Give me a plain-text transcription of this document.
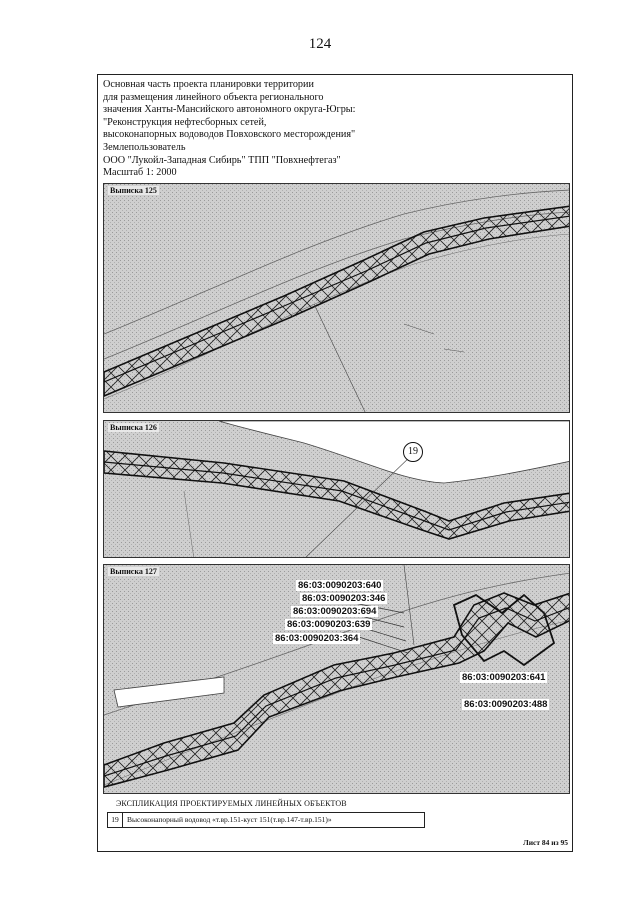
124
Основная часть проекта планировки территории
для размещения линейного объекта регионального
значения Ханты-Мансийского автономного округа-Югры:
"Реконструкция нефтесборных сетей,
высоконапорных водоводов Повховского месторождения"
Землепользователь
ООО "Лукойл-Западная Сибирь" ТПП "Повхнефтегаз"
Масштаб 1: 2000
Выписка 125
Выписка 126
Выписка 127
86:03:0090203:640
86:03:0090203:346
86:03:0090203:694
86:03:0090203:639
86:03:0090203:364
86:03:0090203:641
86:03:0090203:488
19
ЭКСПЛИКАЦИЯ ПРОЕКТИРУЕМЫХ ЛИНЕЙНЫХ ОБЪЕКТОВ
19	Высоконапорный водовод «т.вр.151-куст 151(т.вр.147-т.вр.151)»
Лист 84 из 95
